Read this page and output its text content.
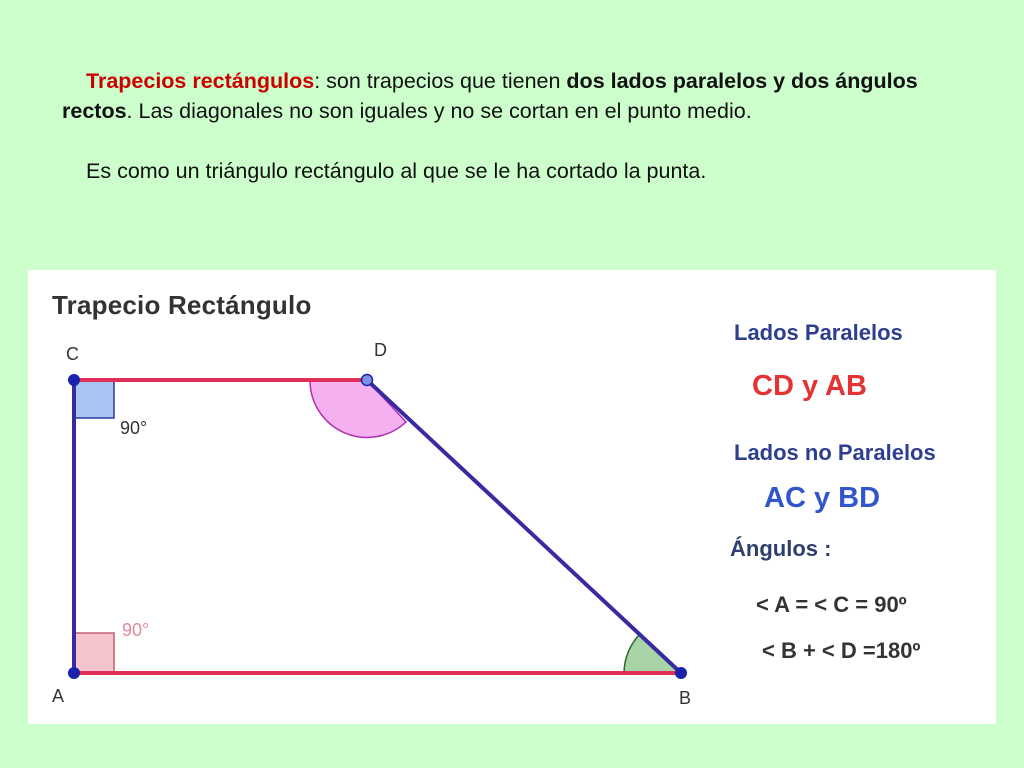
Trapecios rectángulos: son trapecios que tienen dos lados paralelos y dos ángulos rectos. Las diagonales no son iguales y no se cortan en el punto medio.

Es como un triángulo rectángulo al que se le ha cortado la punta.

Trapecio Rectángulo
C	D
A	B
90°
90°
Lados Paralelos
CD y AB
Lados no Paralelos
AC y BD
Ángulos :
< A = < C = 90º
< B + < D =180º
